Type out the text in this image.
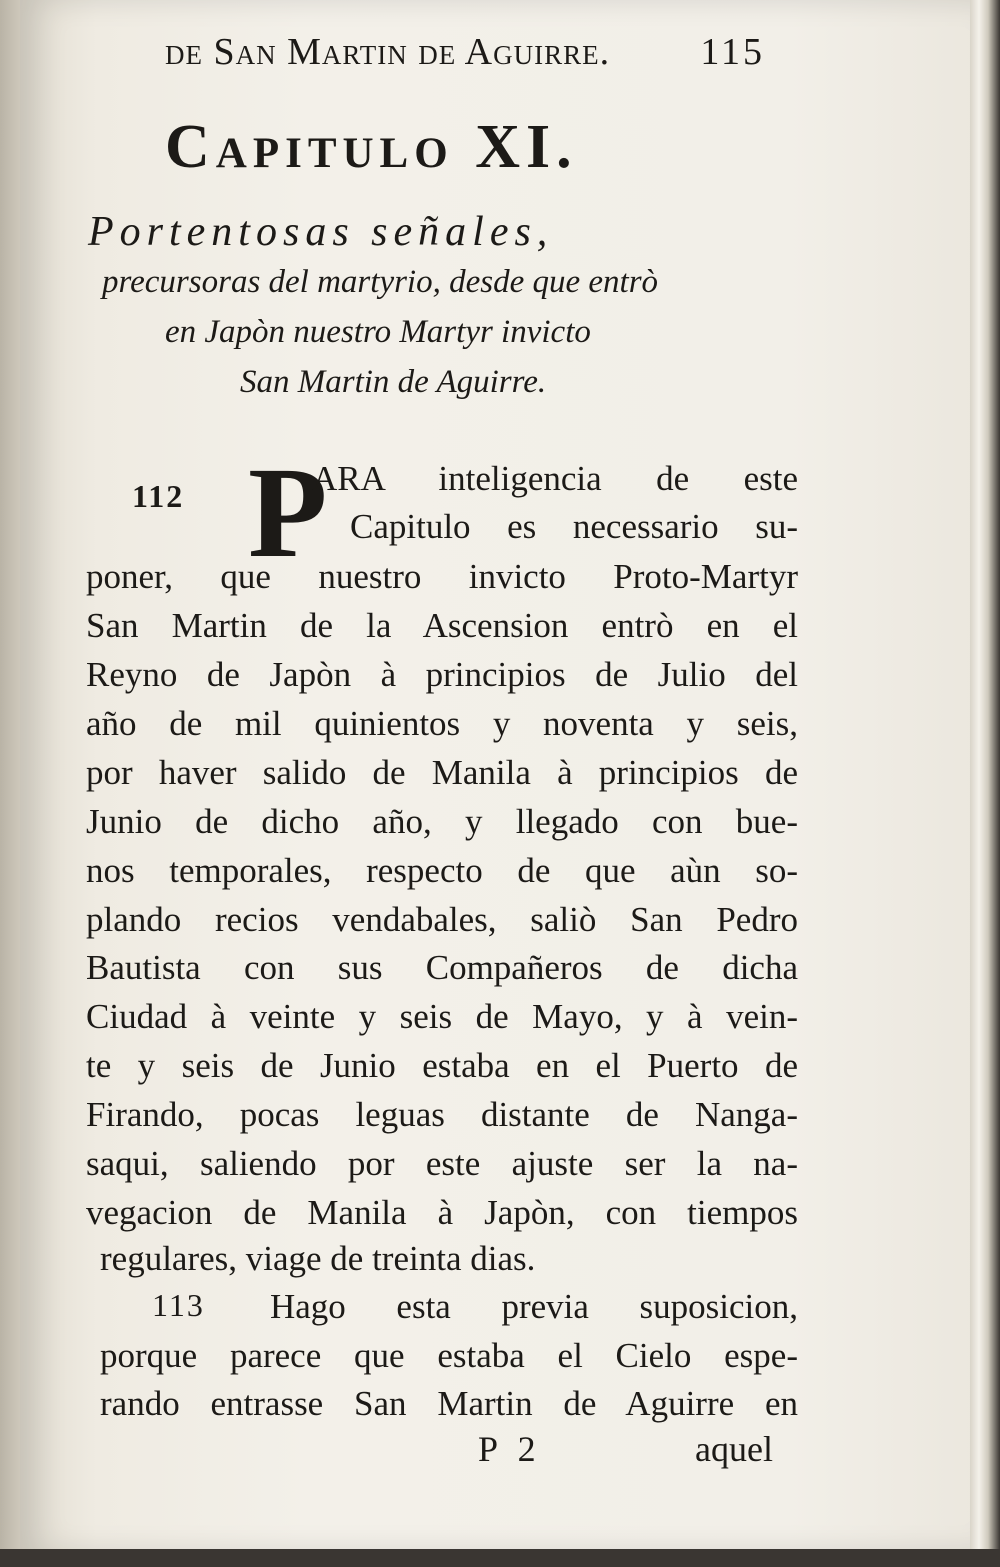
de San Martin de Aguirre. 115
Capitulo XI.
Portentosas señales,
precursoras del martyrio, desde que entrò
en Japòn nuestro Martyr invicto
San Martin de Aguirre.
112 P
ARA inteligencia de este
Capitulo es necessario su-
poner, que nuestro invicto Proto-Martyr
San Martin de la Ascension entrò en el
Reyno de Japòn à principios de Julio del
año de mil quinientos y noventa y seis,
por haver salido de Manila à principios de
Junio de dicho año, y llegado con bue-
nos temporales, respecto de que aùn so-
plando recios vendabales, saliò San Pedro
Bautista con sus Compañeros de dicha
Ciudad à veinte y seis de Mayo, y à vein-
te y seis de Junio estaba en el Puerto de
Firando, pocas leguas distante de Nanga-
saqui, saliendo por este ajuste ser la na-
vegacion de Manila à Japòn, con tiempos
regulares, viage de treinta dias.
113 Hago esta previa suposicion,
porque parece que estaba el Cielo espe-
rando entrasse San Martin de Aguirre en
P 2	aquel
